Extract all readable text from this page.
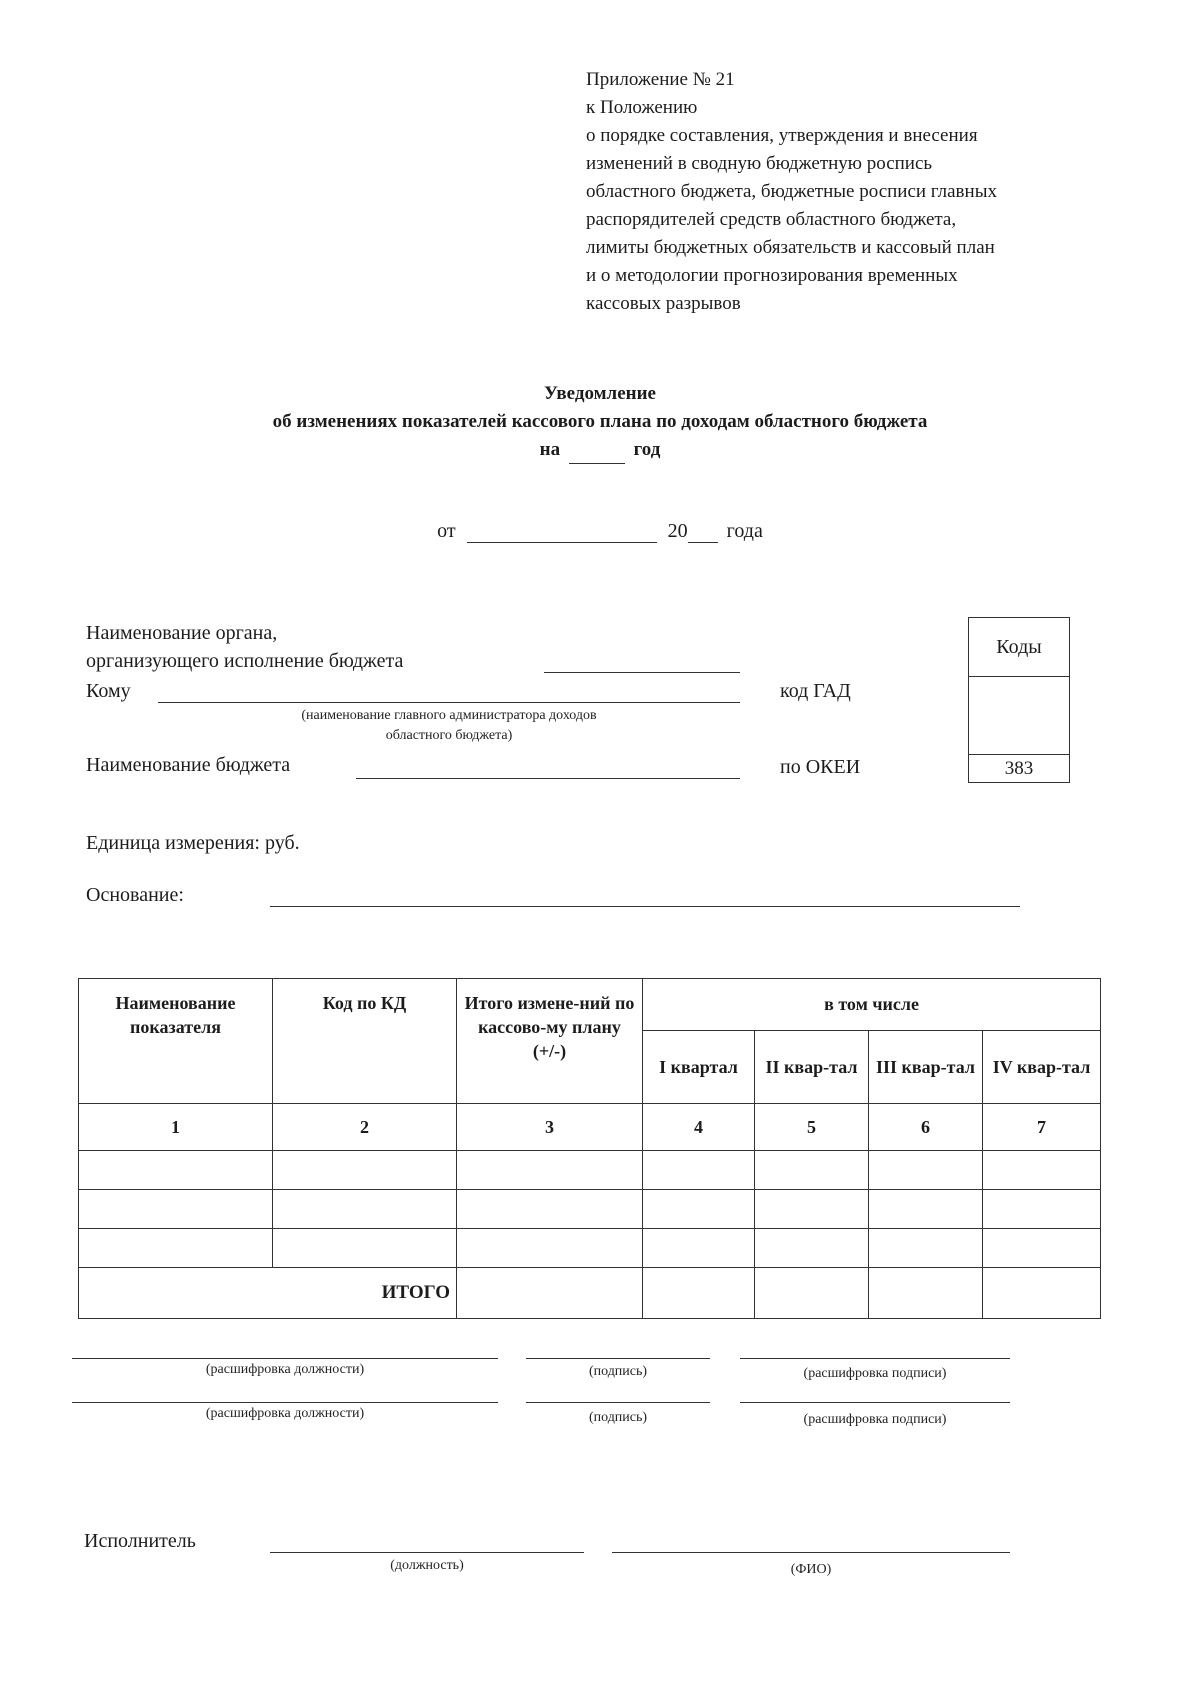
Приложение № 21
к Положению
о порядке составления, утверждения и внесения
изменений в сводную бюджетную роспись
областного бюджета, бюджетные росписи главных
распорядителей средств областного бюджета,
лимиты бюджетных обязательств и кассовый план
и о методологии прогнозирования временных
кассовых разрывов
Уведомление
об изменениях показателей кассового плана по доходам областного бюджета
на	год
от	20 года
Наименование органа,
организующего исполнение бюджета
Кому
(наименование главного администратора доходов
областного бюджета)
код ГАД
Наименование бюджета	по ОКЕИ
Коды
383
Единица измерения: руб.
Основание:
Наименование показателя	Код по КД	Итого измене-ний по кассово-му плану (+/-)	в том числе			
			I квартал	II квар-тал	III квар-тал	IV квар-тал
1	2	3	4	5	6	7

ИТОГО						
(расшифровка должности)	(подпись)	(расшифровка подписи)
(расшифровка должности)	(подпись)	(расшифровка подписи)
Исполнитель
(должность)	(ФИО)
